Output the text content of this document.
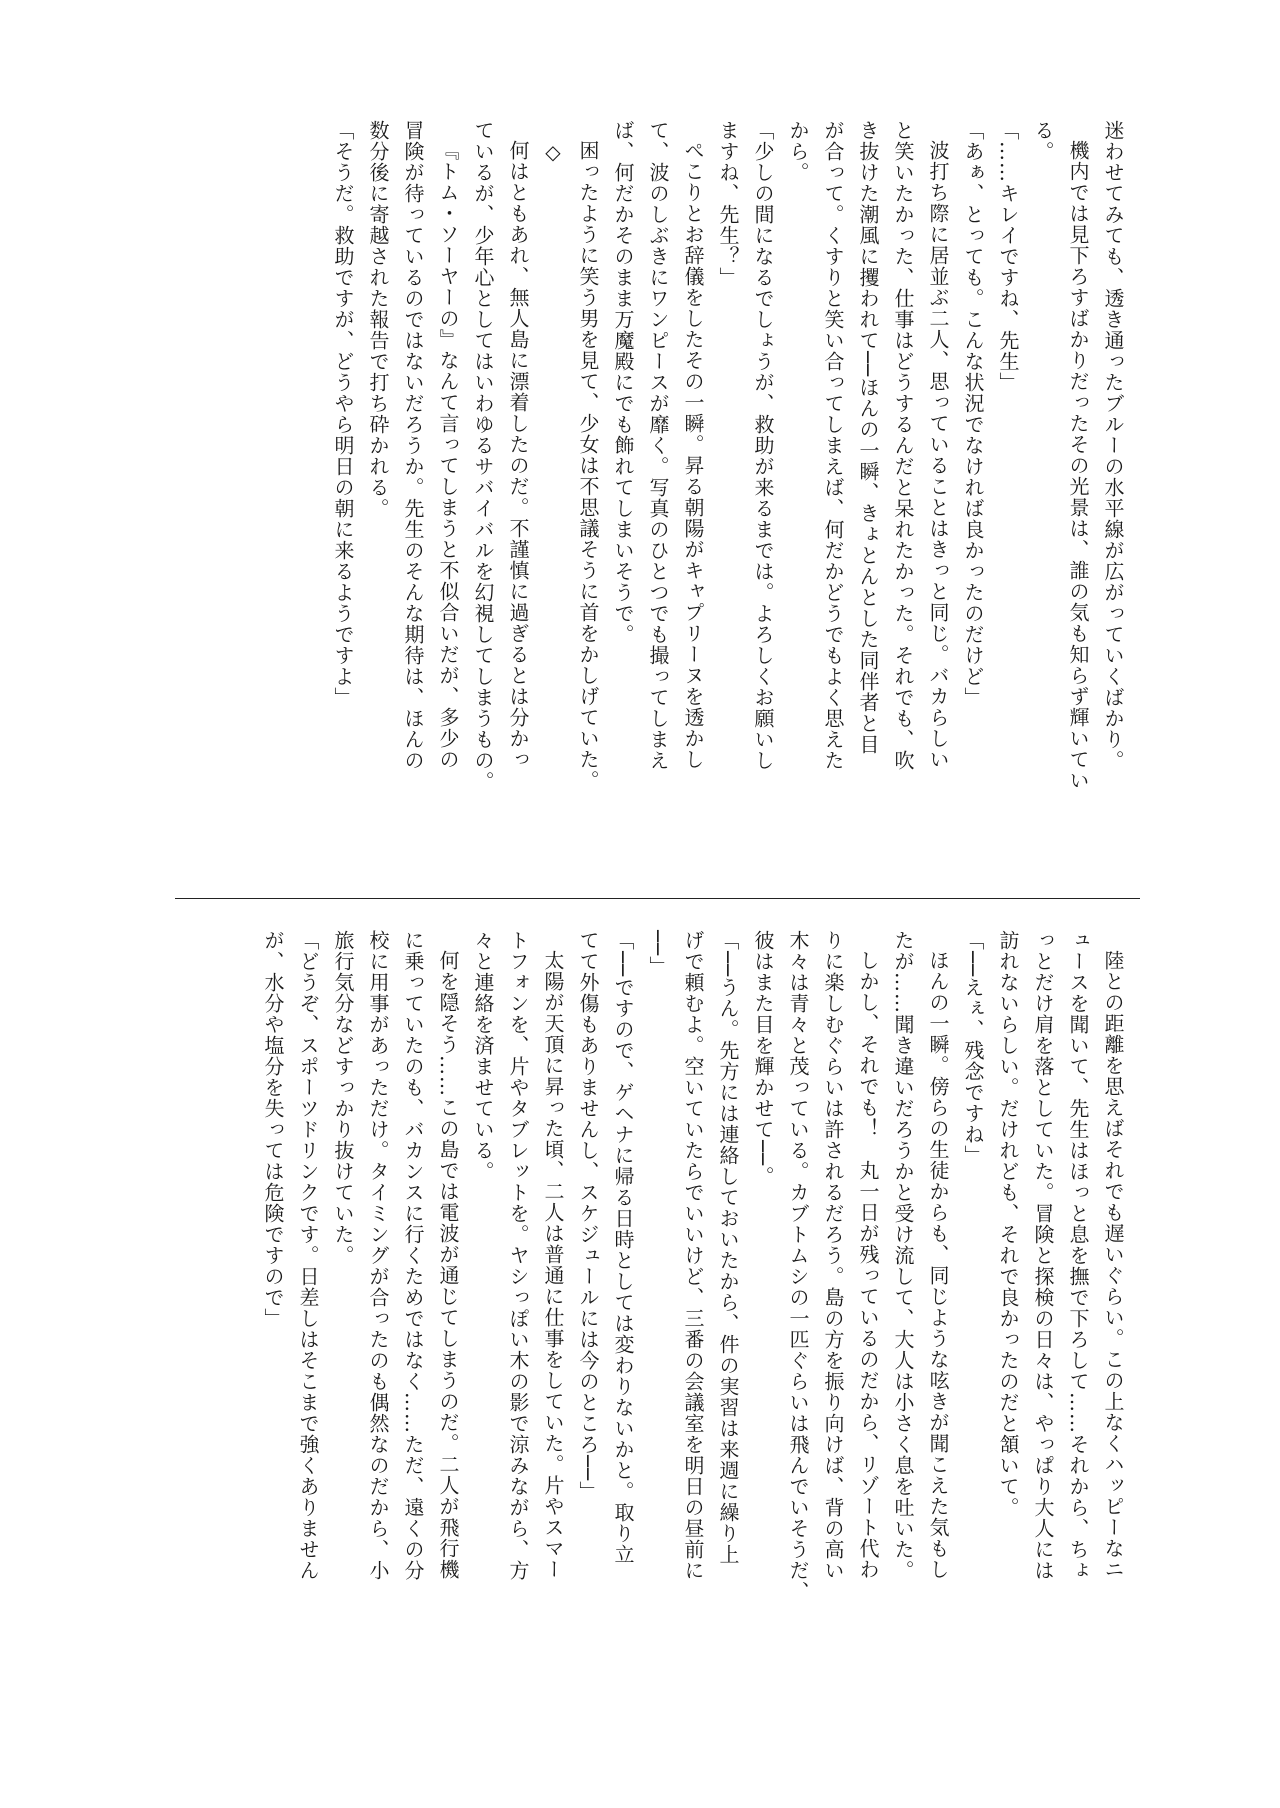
迷わせてみても、透き通ったブルーの水平線が広がっていくばかり。

機内では見下ろすばかりだったその光景は、誰の気も知らず輝いてい

る。

「……キレイですね、先生」

「あぁ、とっても。こんな状況でなければ良かったのだけど」

波打ち際に居並ぶ二人、思っていることはきっと同じ。バカらしい

と笑いたかった、仕事はどうするんだと呆れたかった。それでも、吹

き抜けた潮風に攫われて──ほんの一瞬、きょとんとした同伴者と目

が合って。くすりと笑い合ってしまえば、何だかどうでもよく思えた

から。

「少しの間になるでしょうが、救助が来るまでは。よろしくお願いし

ますね、先生？」

ぺこりとお辞儀をしたその一瞬。昇る朝陽がキャプリーヌを透かし

て、波のしぶきにワンピースが靡く。写真のひとつでも撮ってしまえ

ば、何だかそのまま万魔殿にでも飾れてしまいそうで。

困ったように笑う男を見て、少女は不思議そうに首をかしげていた。

◇

何はともあれ、無人島に漂着したのだ。不謹慎に過ぎるとは分かっ

ているが、少年心としてはいわゆるサバイバルを幻視してしまうもの。

『トム・ソーヤーの』なんて言ってしまうと不似合いだが、多少の

冒険が待っているのではないだろうか。先生のそんな期待は、ほんの

数分後に寄越された報告で打ち砕かれる。

「そうだ。救助ですが、どうやら明日の朝に来るようですよ」

陸との距離を思えばそれでも遅いぐらい。この上なくハッピーなニ

ュースを聞いて、先生はほっと息を撫で下ろして……それから、ちょ

っとだけ肩を落としていた。冒険と探検の日々は、やっぱり大人には

訪れないらしい。だけれども、それで良かったのだと頷いて。

「──えぇ、残念ですね」

ほんの一瞬。傍らの生徒からも、同じような呟きが聞こえた気もし

たが……聞き違いだろうかと受け流して、大人は小さく息を吐いた。

しかし、それでも！　丸一日が残っているのだから、リゾート代わ

りに楽しむぐらいは許されるだろう。島の方を振り向けば、背の高い

木々は青々と茂っている。カブトムシの一匹ぐらいは飛んでいそうだ、

彼はまた目を輝かせて──。

「──うん。先方には連絡しておいたから、件の実習は来週に繰り上

げで頼むよ。空いていたらでいいけど、三番の会議室を明日の昼前に

──」

「──ですので、ゲヘナに帰る日時としては変わりないかと。取り立

てて外傷もありませんし、スケジュールには今のところ──」

太陽が天頂に昇った頃、二人は普通に仕事をしていた。片やスマー

トフォンを、片やタブレットを。ヤシっぽい木の影で涼みながら、方

々と連絡を済ませている。

何を隠そう……この島では電波が通じてしまうのだ。二人が飛行機

に乗っていたのも、バカンスに行くためではなく……ただ、遠くの分

校に用事があっただけ。タイミングが合ったのも偶然なのだから、小

旅行気分などすっかり抜けていた。

「どうぞ、スポーツドリンクです。日差しはそこまで強くありません

が、水分や塩分を失っては危険ですので」
